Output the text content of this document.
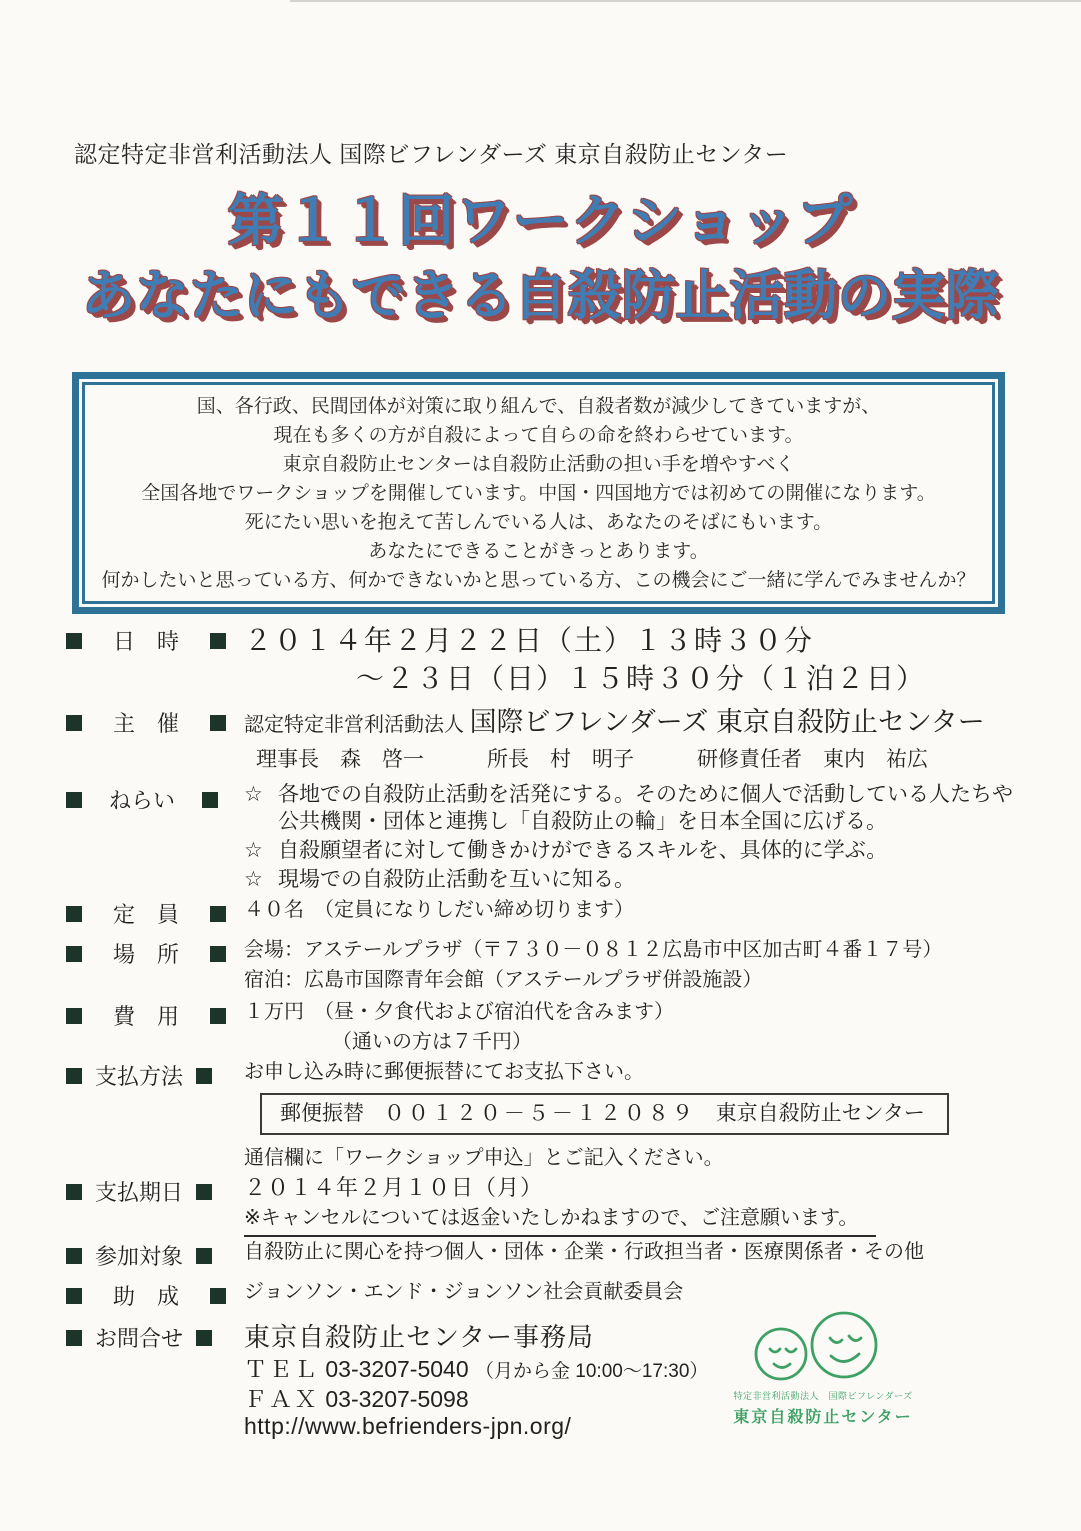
認定特定非営利活動法人 国際ビフレンダーズ 東京自殺防止センター
第１１回ワークショップ
あなたにもできる自殺防止活動の実際
国、各行政、民間団体が対策に取り組んで、自殺者数が減少してきていますが、
現在も多くの方が自殺によって自らの命を終わらせています。
東京自殺防止センターは自殺防止活動の担い手を増やすべく
全国各地でワークショップを開催しています。中国・四国地方では初めての開催になります。
死にたい思いを抱えて苦しんでいる人は、あなたのそばにもいます。
あなたにできることがきっとあります。
何かしたいと思っている方、何かできないかと思っている方、この機会にご一緒に学んでみませんか？
日　時 ２０１４年２月２２日（土）１３時３０分
～２３日（日）１５時３０分（１泊２日）
主　催	認定特定非営利活動法人 国際ビフレンダーズ 東京自殺防止センター
理事長　森　啓一　　　所長　村　明子　　　研修責任者　東内　祐広
ねらい	☆ 各地での自殺防止活動を活発にする。そのために個人で活動している人たちや
公共機関・団体と連携し「自殺防止の輪」を日本全国に広げる。
☆ 自殺願望者に対して働きかけができるスキルを、具体的に学ぶ。
☆ 現場での自殺防止活動を互いに知る。
定　員	４０名　（定員になりしだい締め切ります）
場　所	会場：アステールプラザ（〒７３０－０８１２広島市中区加古町４番１７号）
宿泊：広島市国際青年会館（アステールプラザ併設施設）
費　用	１万円　（昼・夕食代および宿泊代を含みます）
（通いの方は７千円）
支払方法	お申し込み時に郵便振替にてお支払下さい。
郵便振替 ００１２０－５－１２０８９ 東京自殺防止センター
通信欄に「ワークショップ申込」とご記入ください。
支払期日	２０１４年２月１０日（月）
※キャンセルについては返金いたしかねますので、ご注意願います。
参加対象	自殺防止に関心を持つ個人・団体・企業・行政担当者・医療関係者・その他
助　成	ジョンソン・エンド・ジョンソン社会貢献委員会
お問合せ 東京自殺防止センター事務局
ＴＥＬ 03-3207-5040 （月から金 10:00～17:30）
ＦＡＸ 03-3207-5098
http://www.befrienders-jpn.org/
特定非営利活動法人　国際ビフレンダーズ
東京自殺防止センター
